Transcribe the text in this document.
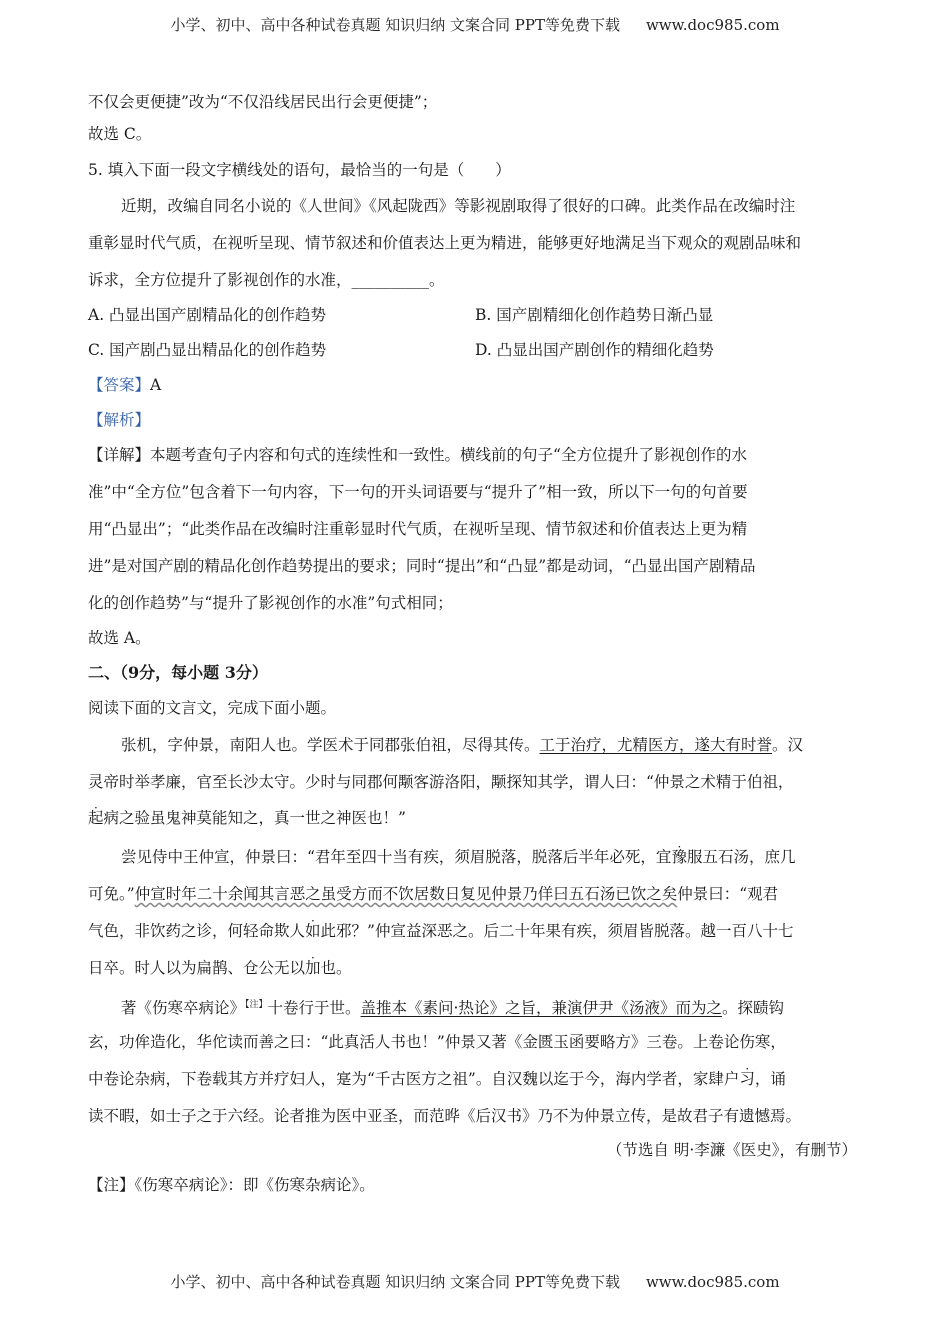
小学、初中、高中各种试卷真题 知识归纳 文案合同 PPT等免费下载 www.doc985.com
不仅会更便捷”改为“不仅沿线居民出行会更便捷”；
故选 C。
5. 填入下面一段文字横线处的语句，最恰当的一句是（　　）
近期，改编自同名小说的《人世间》《风起陇西》等影视剧取得了很好的口碑。此类作品在改编时注
重彰显时代气质，在视听呈现、情节叙述和价值表达上更为精进，能够更好地满足当下观众的观剧品味和
诉求，全方位提升了影视创作的水准，__________。
A. 凸显出国产剧精品化的创作趋势	B. 国产剧精细化创作趋势日渐凸显
C. 国产剧凸显出精品化的创作趋势	D. 凸显出国产剧创作的精细化趋势
【答案】A
【解析】
【详解】本题考查句子内容和句式的连续性和一致性。横线前的句子“全方位提升了影视创作的水
准”中“全方位”包含着下一句内容，下一句的开头词语要与“提升了”相一致，所以下一句的句首要
用“凸显出”；“此类作品在改编时注重彰显时代气质，在视听呈现、情节叙述和价值表达上更为精
进”是对国产剧的精品化创作趋势提出的要求；同时“提出”和“凸显”都是动词，“凸显出国产剧精品
化的创作趋势”与“提升了影视创作的水准”句式相同；
故选 A。
二、（9分，每小题 3分）
阅读下面的文言文，完成下面小题。
张机，字仲景，南阳人也。学医术于同郡张伯祖，尽得其传。工于治疗，尤精医方，遂大有时誉。汉
灵帝时举孝廉，官至长沙太守。少时与同郡何颙客游洛阳，颙探知其学，谓人曰：“仲景之术精于伯祖，
起病之验虽鬼神莫能知之，真一世之神医也！”
尝见侍中王仲宣，仲景曰：“君年至四十当有疾，须眉脱落，脱落后半年必死，宜豫服五石汤，庶几
可免。”仲宣时年二十余闻其言恶之虽受方而不饮居数日复见仲景乃佯曰五石汤已饮之矣仲景曰：“观君
气色，非饮药之诊，何轻命欺人如此邪？”仲宣益深恶之。后二十年果有疾，须眉皆脱落。越一百八十七
日卒。时人以为扁鹊、仓公无以加也。
著《伤寒卒病论》$^{【注】}$十卷行于世。盖推本《素问·热论》之旨，兼演伊尹《汤液》而为之。探赜钩
玄，功侔造化，华佗读而善之曰：“此真活人书也！”仲景又著《金匮玉函要略方》三卷。上卷论伤寒，
中卷论杂病，下卷载其方并疗妇人，寔为“千古医方之祖”。自汉魏以迄于今，海内学者，家肆户习，诵
读不暇，如士子之于六经。论者推为医中亚圣，而范晔《后汉书》乃不为仲景立传，是故君子有遗憾焉。
（节选自 明·李濂《医史》，有删节）
【注】《伤寒卒病论》：即《伤寒杂病论》。
小学、初中、高中各种试卷真题 知识归纳 文案合同 PPT等免费下载 www.doc985.com
